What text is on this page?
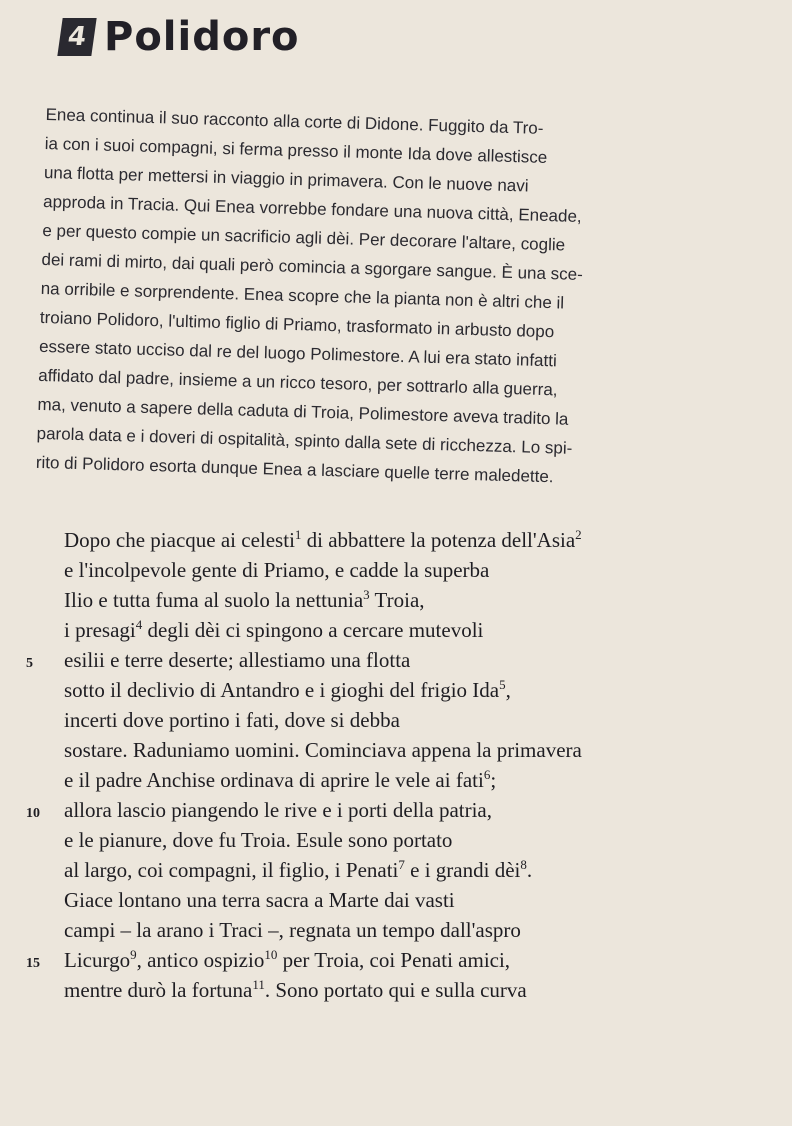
4 Polidoro

Enea continua il suo racconto alla corte di Didone. Fuggito da Tro-

ia con i suoi compagni, si ferma presso il monte Ida dove allestisce

una flotta per mettersi in viaggio in primavera. Con le nuove navi

approda in Tracia. Qui Enea vorrebbe fondare una nuova città, Eneade,

e per questo compie un sacrificio agli dèi. Per decorare l'altare, coglie

dei rami di mirto, dai quali però comincia a sgorgare sangue. È una sce-

na orribile e sorprendente. Enea scopre che la pianta non è altri che il

troiano Polidoro, l'ultimo figlio di Priamo, trasformato in arbusto dopo

essere stato ucciso dal re del luogo Polimestore. A lui era stato infatti

affidato dal padre, insieme a un ricco tesoro, per sottrarlo alla guerra,

ma, venuto a sapere della caduta di Troia, Polimestore aveva tradito la

parola data e i doveri di ospitalità, spinto dalla sete di ricchezza. Lo spi-

rito di Polidoro esorta dunque Enea a lasciare quelle terre maledette.

Dopo che piacque ai celesti$^1$ di abbattere la potenza dell'Asia$^2$
e l'incolpevole gente di Priamo, e cadde la superba
Ilio e tutta fuma al suolo la nettunia$^3$ Troia,
i presagi$^4$ degli dèi ci spingono a cercare mutevoli
5	esilii e terre deserte; allestiamo una flotta
sotto il declivio di Antandro e i gioghi del frigio Ida$^5$,
incerti dove portino i fati, dove si debba
sostare. Raduniamo uomini. Cominciava appena la primavera
e il padre Anchise ordinava di aprire le vele ai fati$^6$;
10	allora lascio piangendo le rive e i porti della patria,
e le pianure, dove fu Troia. Esule sono portato
al largo, coi compagni, il figlio, i Penati$^7$ e i grandi dèi$^8$.
Giace lontano una terra sacra a Marte dai vasti
campi – la arano i Traci –, regnata un tempo dall'aspro
15	Licurgo$^9$, antico ospizio$^{10}$ per Troia, coi Penati amici,
mentre durò la fortuna$^{11}$. Sono portato qui e sulla curva
